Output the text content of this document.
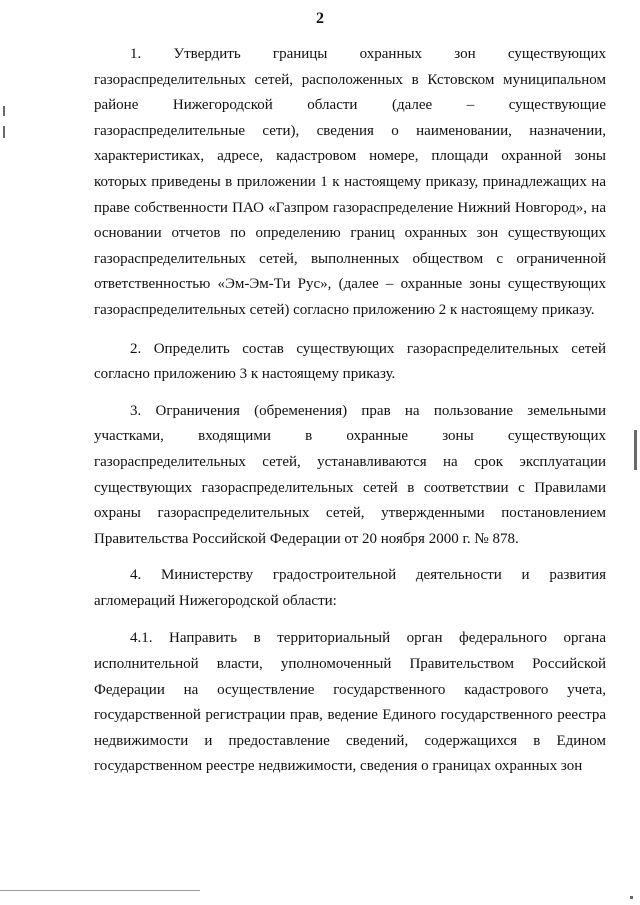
2

1. Утвердить границы охранных зон существующих газораспределительных сетей, расположенных в Кстовском муниципальном районе Нижегородской области (далее – существующие газораспределительные сети), сведения о наименовании, назначении, характеристиках, адресе, кадастровом номере, площади охранной зоны которых приведены в приложении 1 к настоящему приказу, принадлежащих на праве собственности ПАО «Газпром газораспределение Нижний Новгород», на основании отчетов по определению границ охранных зон существующих газораспределительных сетей, выполненных обществом с ограниченной ответственностью «Эм-Эм-Ти Рус», (далее – охранные зоны существующих газораспределительных сетей) согласно приложению 2 к настоящему приказу.

2. Определить состав существующих газораспределительных сетей согласно приложению 3 к настоящему приказу.

3. Ограничения (обременения) прав на пользование земельными участками, входящими в охранные зоны существующих газораспределительных сетей, устанавливаются на срок эксплуатации существующих газораспределительных сетей в соответствии с Правилами охраны газораспределительных сетей, утвержденными постановлением Правительства Российской Федерации от 20 ноября 2000 г. № 878.

4. Министерству градостроительной деятельности и развития агломераций Нижегородской области:

4.1. Направить в территориальный орган федерального органа исполнительной власти, уполномоченный Правительством Российской Федерации на осуществление государственного кадастрового учета, государственной регистрации прав, ведение Единого государственного реестра недвижимости и предоставление сведений, содержащихся в Едином государственном реестре недвижимости, сведения о границах охранных зон
